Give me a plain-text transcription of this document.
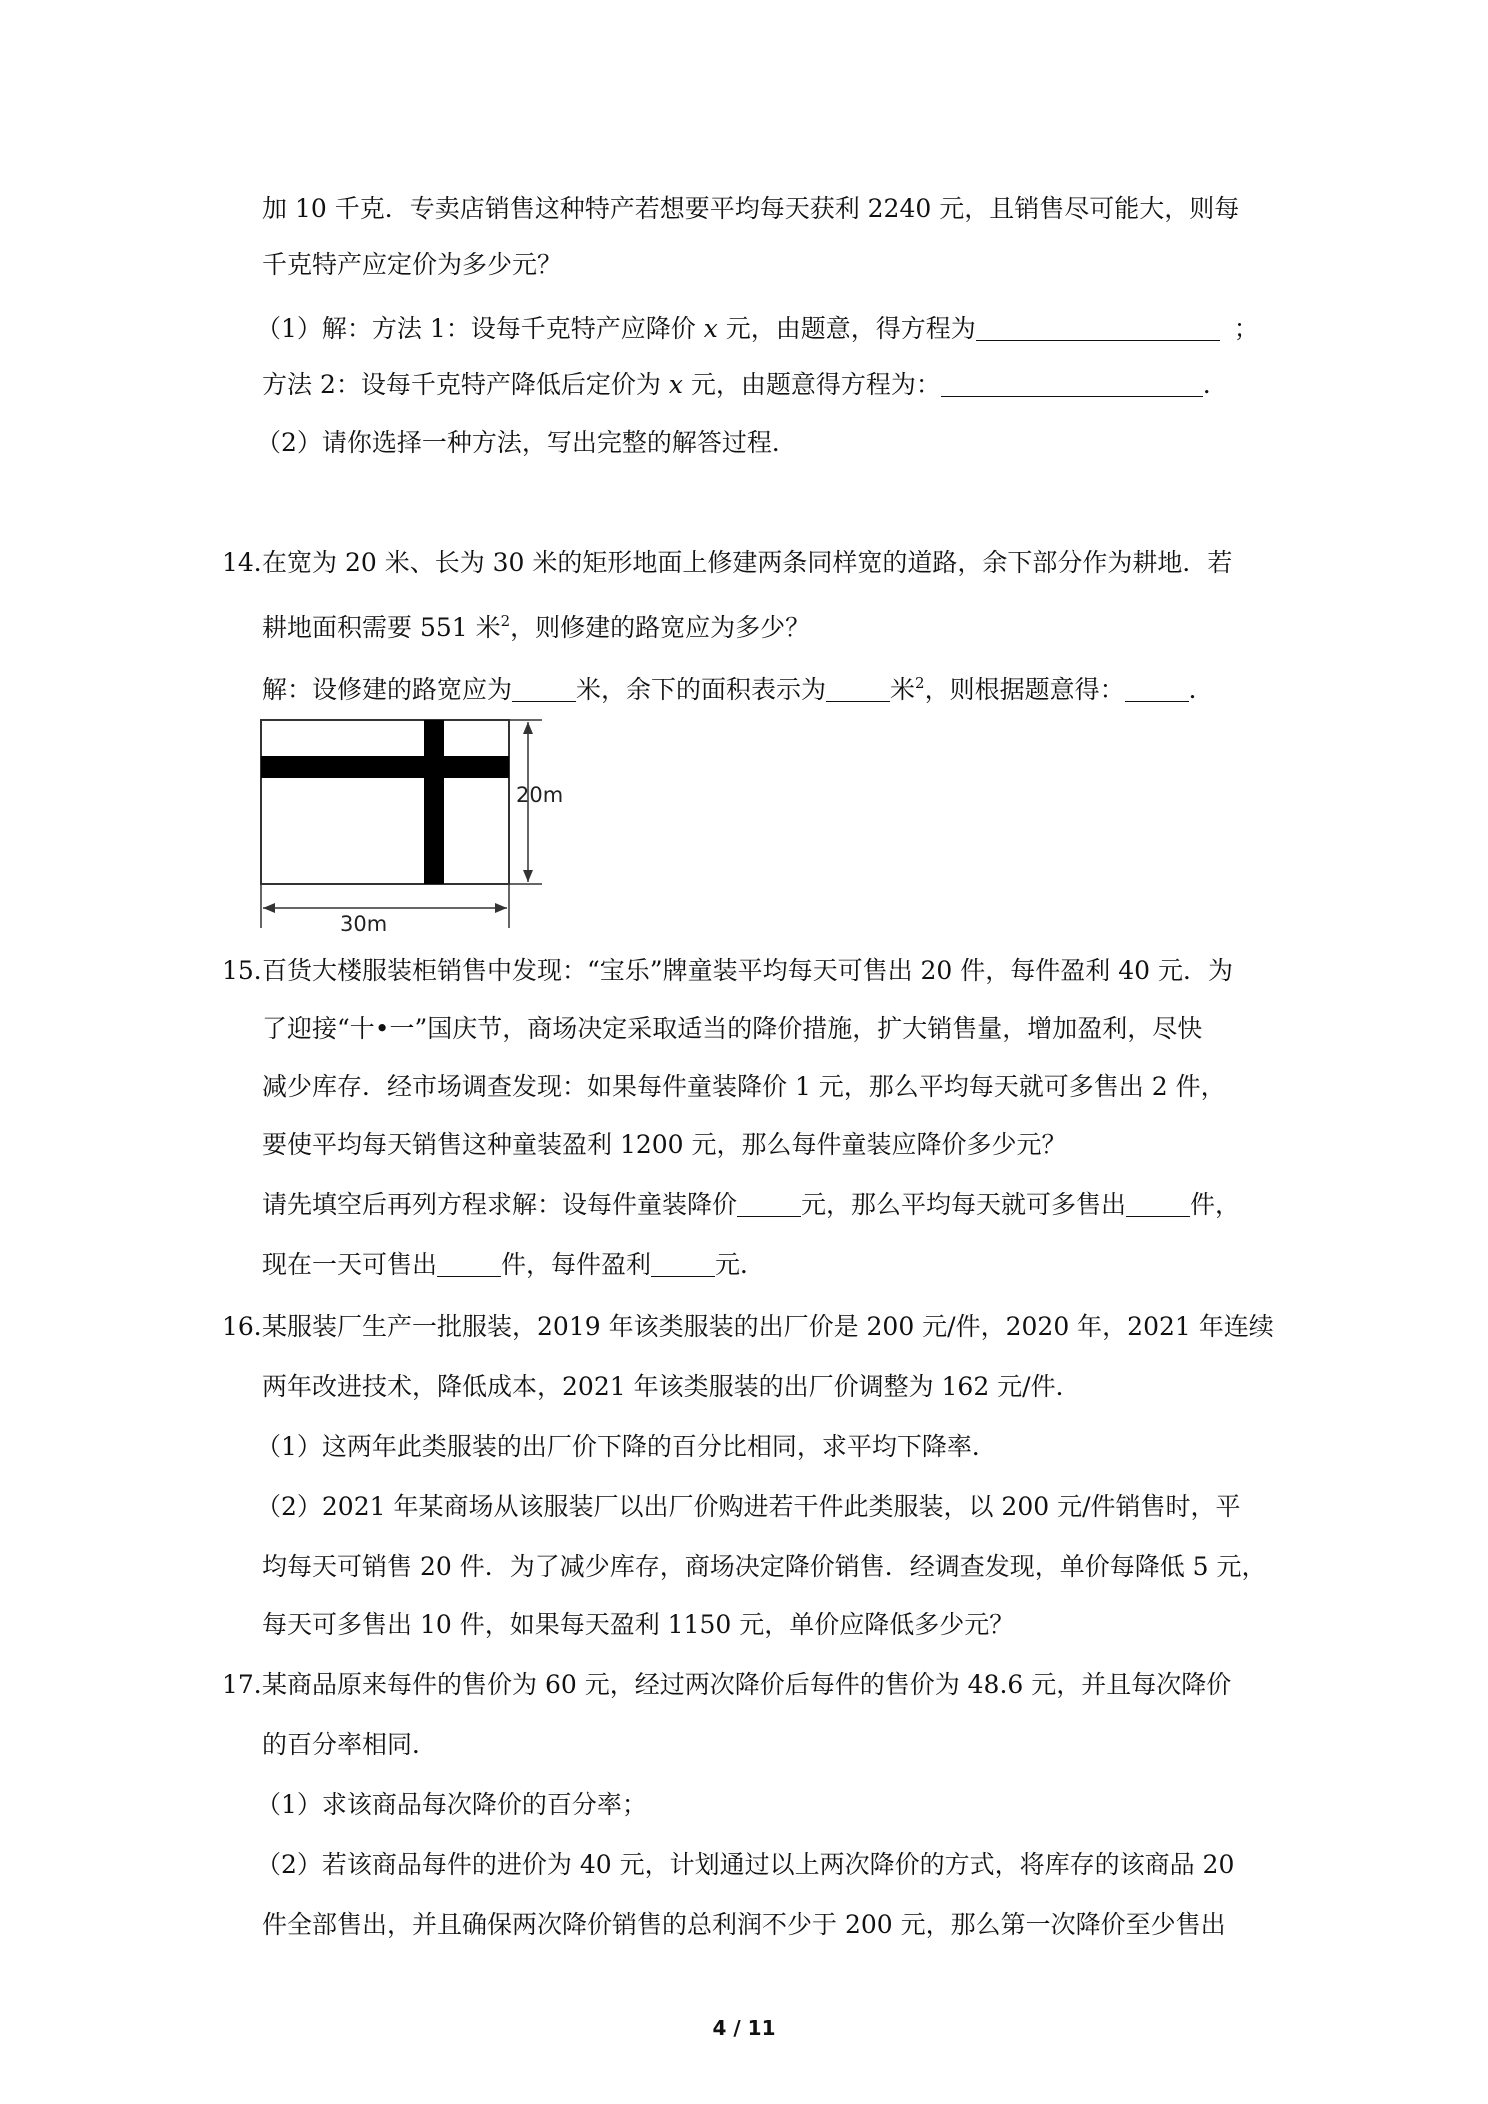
加 10 千克．专卖店销售这种特产若想要平均每天获利 2240 元，且销售尽可能大，则每
千克特产应定价为多少元？
（1）解：方法 1：设每千克特产应降价 x 元，由题意，得方程为	；
方法 2：设每千克特产降低后定价为 x 元，由题意得方程为：	．
（2）请你选择一种方法，写出完整的解答过程．
14．
在宽为 20 米、长为 30 米的矩形地面上修建两条同样宽的道路，余下部分作为耕地．若
耕地面积需要 551 米$^2$，则修建的路宽应为多少？
解：设修建的路宽应为	米，余下的面积表示为	米$^2$，则根据题意得：	．
20m
30m
15．
百货大楼服装柜销售中发现：“宝乐”牌童装平均每天可售出 20 件，每件盈利 40 元．为
了迎接“十•一”国庆节，商场决定采取适当的降价措施，扩大销售量，增加盈利，尽快
减少库存．经市场调查发现：如果每件童装降价 1 元，那么平均每天就可多售出 2 件，
要使平均每天销售这种童装盈利 1200 元，那么每件童装应降价多少元？
请先填空后再列方程求解：设每件童装降价	元，那么平均每天就可多售出	件，
现在一天可售出	件，每件盈利	元．
16．
某服装厂生产一批服装，2019 年该类服装的出厂价是 200 元/件，2020 年，2021 年连续
两年改进技术，降低成本，2021 年该类服装的出厂价调整为 162 元/件．
（1）这两年此类服装的出厂价下降的百分比相同，求平均下降率．
（2）2021 年某商场从该服装厂以出厂价购进若干件此类服装，以 200 元/件销售时，平
均每天可销售 20 件．为了减少库存，商场决定降价销售．经调查发现，单价每降低 5 元，
每天可多售出 10 件，如果每天盈利 1150 元，单价应降低多少元？
17．
某商品原来每件的售价为 60 元，经过两次降价后每件的售价为 48.6 元，并且每次降价
的百分率相同．
（1）求该商品每次降价的百分率；
（2）若该商品每件的进价为 40 元，计划通过以上两次降价的方式，将库存的该商品 20
件全部售出，并且确保两次降价销售的总利润不少于 200 元，那么第一次降价至少售出
4 / 11
